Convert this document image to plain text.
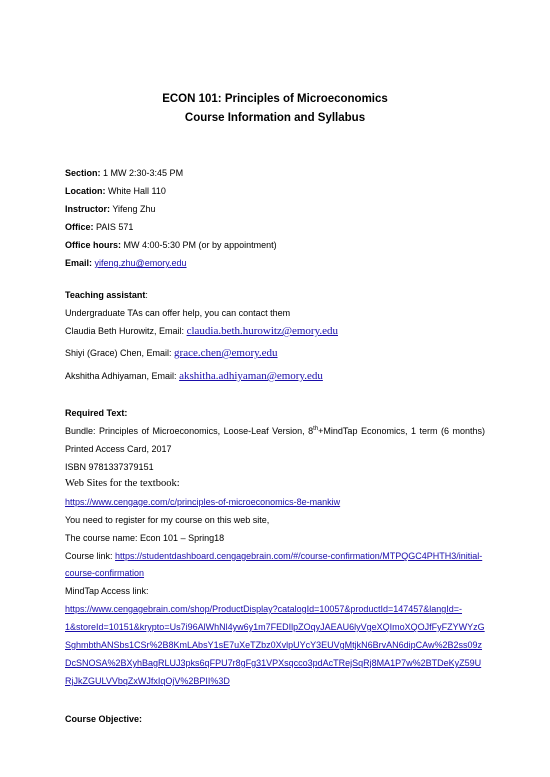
ECON 101: Principles of Microeconomics
Course Information and Syllabus
Section: 1 MW 2:30-3:45 PM
Location: White Hall 110
Instructor: Yifeng Zhu
Office: PAIS 571
Office hours: MW 4:00-5:30 PM (or by appointment)
Email: yifeng.zhu@emory.edu
Teaching assistant:
Undergraduate TAs can offer help, you can contact them
Claudia Beth Hurowitz, Email: claudia.beth.hurowitz@emory.edu
Shiyi (Grace) Chen, Email: grace.chen@emory.edu
Akshitha Adhiyaman, Email: akshitha.adhiyaman@emory.edu
Required Text:
Bundle: Principles of Microeconomics, Loose-Leaf Version, 8th+MindTap Economics, 1 term (6 months)
Printed Access Card, 2017
ISBN 9781337379151
Web Sites for the textbook:
https://www.cengage.com/c/principles-of-microeconomics-8e-mankiw
You need to register for my course on this web site,
The course name: Econ 101 – Spring18
Course link: https://studentdashboard.cengagebrain.com/#/course-confirmation/MTPQGC4PHTH3/initial-
course-confirmation
MindTap Access link:
https://www.cengagebrain.com/shop/ProductDisplay?catalogId=10057&productId=147457&langId=-
1&storeId=10151&krypto=Us7i96AlWhNl4yw6y1m7FEDIlpZOqyJAEAU6lyVgeXQImoXQOJfFyFZYWYzG
SghmbthANSbs1CSr%2B8KmLAbsY1sE7uXeTZbz0XvlpUYcY3EUVgMtjkN6BrvAN6dipCAw%2B2ss09z
DcSNOSA%2BXyhBagRLUJ3pks6qFPU7r8gFg31VPXsqcco3pdAcTRejSqRj8MA1P7w%2BTDeKyZ59U
RjJkZGULVVbqZxWJfxIqOjV%2BPII%3D
Course Objective:
